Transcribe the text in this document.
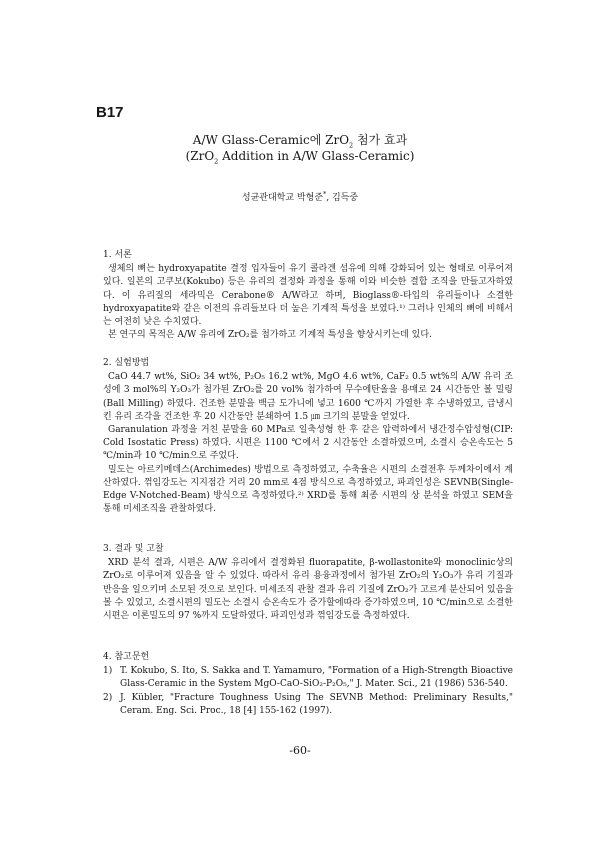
B17
A/W Glass-Ceramic에 ZrO$_2$ 첨가 효과
(ZrO$_2$ Addition in A/W Glass-Ceramic)
성균관대학교 박형준*, 김득중
1. 서론
생체의 뼈는 hydroxyapatite 결정 입자들이 유기 콜라겐 섬유에 의해 강화되어 있는 형태로 이루어져 있다. 일본의 고쿠보(Kokubo) 등은 유리의 결정화 과정을 통해 이와 비슷한 결합 조직을 만들고자하였다. 이 유리질의 세라믹은 Cerabone® A/W라고 하며, Bioglass®-타입의 유리들이나 소결한 hydroxyapatite와 같은 이전의 유리들보다 더 높은 기계적 특성을 보였다.¹⁾ 그러나 인체의 뼈에 비해서는 여전히 낮은 수치였다.
본 연구의 목적은 A/W 유리에 ZrO₂를 첨가하고 기계적 특성을 향상시키는데 있다.
2. 실험방법
CaO 44.7 wt%, SiO₂ 34 wt%, P₂O₅ 16.2 wt%, MgO 4.6 wt%, CaF₂ 0.5 wt%의 A/W 유리 조성에 3 mol%의 Y₂O₃가 첨가된 ZrO₂를 20 vol% 첨가하여 무수에탄올을 용매로 24 시간동안 볼 밀링(Ball Milling) 하였다. 건조한 분말을 백금 도가니에 넣고 1600 ℃까지 가열한 후 수냉하였고, 급냉시킨 유리 조각을 건조한 후 20 시간동안 분쇄하여 1.5 ㎛ 크기의 분말을 얻었다.
Garanulation 과정을 거친 분말을 60 MPa로 일축성형 한 후 같은 압력하에서 냉간정수압성형(CIP: Cold Isostatic Press) 하였다. 시편은 1100 ℃에서 2 시간동안 소결하였으며, 소결시 승온속도는 5 ℃/min과 10 ℃/min으로 주었다.
밀도는 아르키메데스(Archimedes) 방법으로 측정하였고, 수축율은 시편의 소결전후 두께차이에서 계산하였다. 꺾임강도는 지지점간 거리 20 mm로 4점 방식으로 측정하였고, 파괴인성은 SEVNB(Single-Edge V-Notched-Beam) 방식으로 측정하였다.²⁾ XRD를 통해 최종 시편의 상 분석을 하였고 SEM을 통해 미세조직을 관찰하였다.
3. 결과 및 고찰
XRD 분석 결과, 시편은 A/W 유리에서 결정화된 fluorapatite, β-wollastonite와 monoclinic상의 ZrO₂로 이루어져 있음을 알 수 있었다. 따라서 유리 용융과정에서 첨가된 ZrO₂의 Y₂O₃가 유리 기질과 반응을 일으키며 소모된 것으로 보인다. 미세조직 관찰 결과 유리 기질에 ZrO₂가 고르게 분산되어 있음을 볼 수 있었고, 소결시편의 밀도는 소결시 승온속도가 증가할에따라 증가하였으며, 10 ℃/min으로 소결한 시편은 이론밀도의 97 %까지 도달하였다. 파괴인성과 꺾임강도를 측정하였다.
4. 참고문헌
1) T. Kokubo, S. Ito, S. Sakka and T. Yamamuro, "Formation of a High-Strength Bioactive Glass-Ceramic in the System MgO-CaO-SiO₂-P₂O₅," J. Mater. Sci., 21 (1986) 536-540.
2) J. Kübler, "Fracture Toughness Using The SEVNB Method: Preliminary Results," Ceram. Eng. Sci. Proc., 18 [4] 155-162 (1997).
-60-
